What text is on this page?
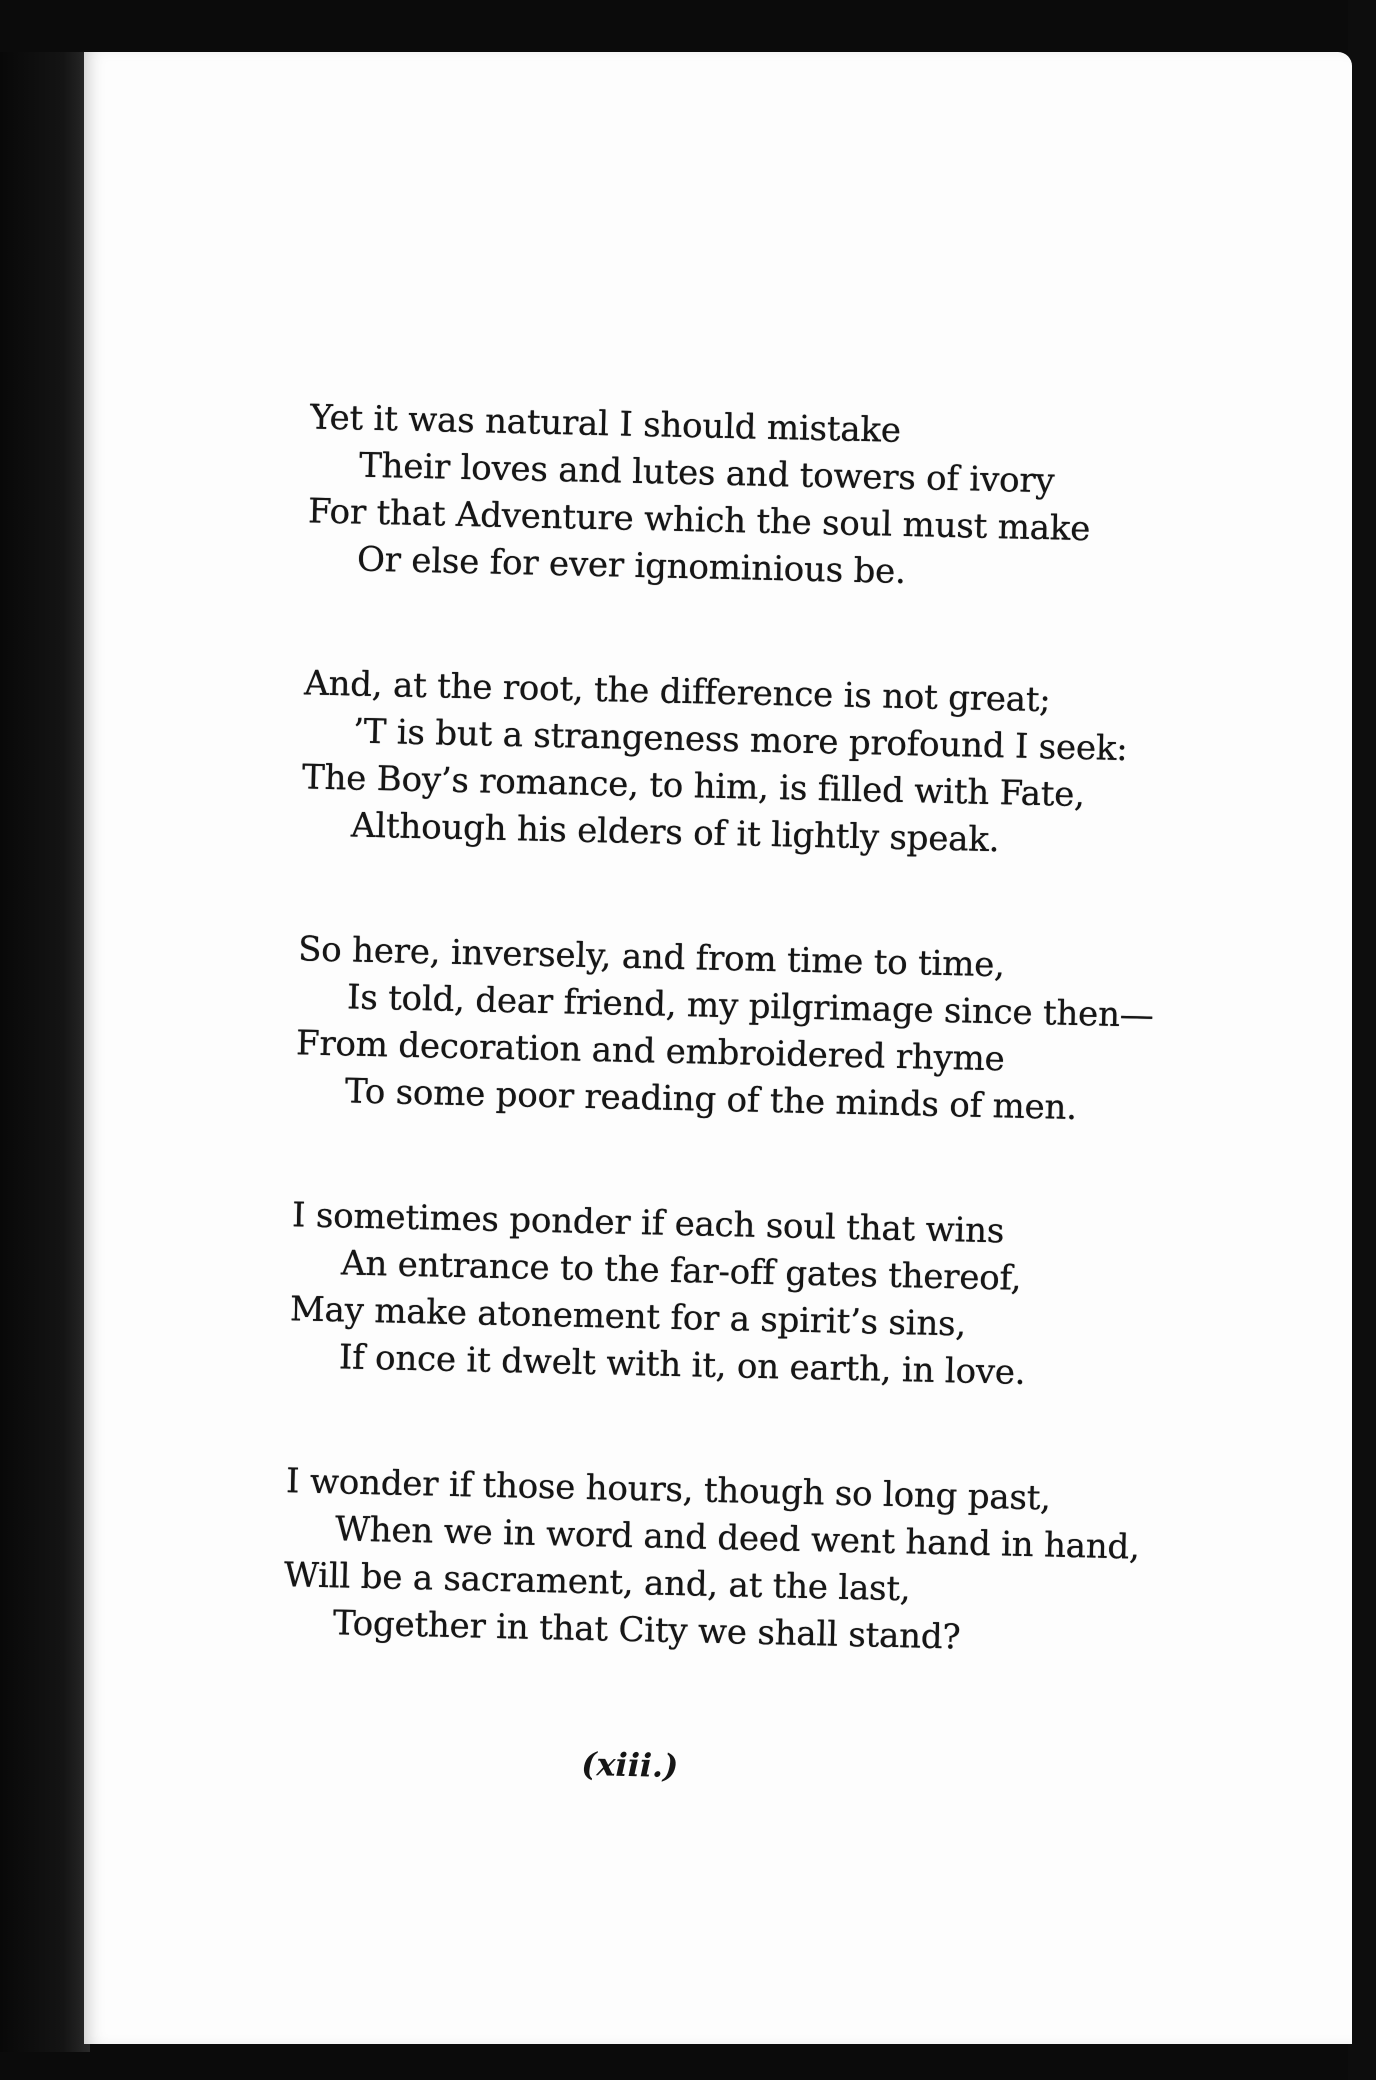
Yet it was natural I should mistake
Their loves and lutes and towers of ivory
For that Adventure which the soul must make
Or else for ever ignominious be.
And, at the root, the difference is not great;
’T is but a strangeness more profound I seek:
The Boy’s romance, to him, is filled with Fate,
Although his elders of it lightly speak.
So here, inversely, and from time to time,
Is told, dear friend, my pilgrimage since then—
From decoration and embroidered rhyme
To some poor reading of the minds of men.
I sometimes ponder if each soul that wins
An entrance to the far-off gates thereof,
May make atonement for a spirit’s sins,
If once it dwelt with it, on earth, in love.
I wonder if those hours, though so long past,
When we in word and deed went hand in hand,
Will be a sacrament, and, at the last,
Together in that City we shall stand?
(xiii.)
